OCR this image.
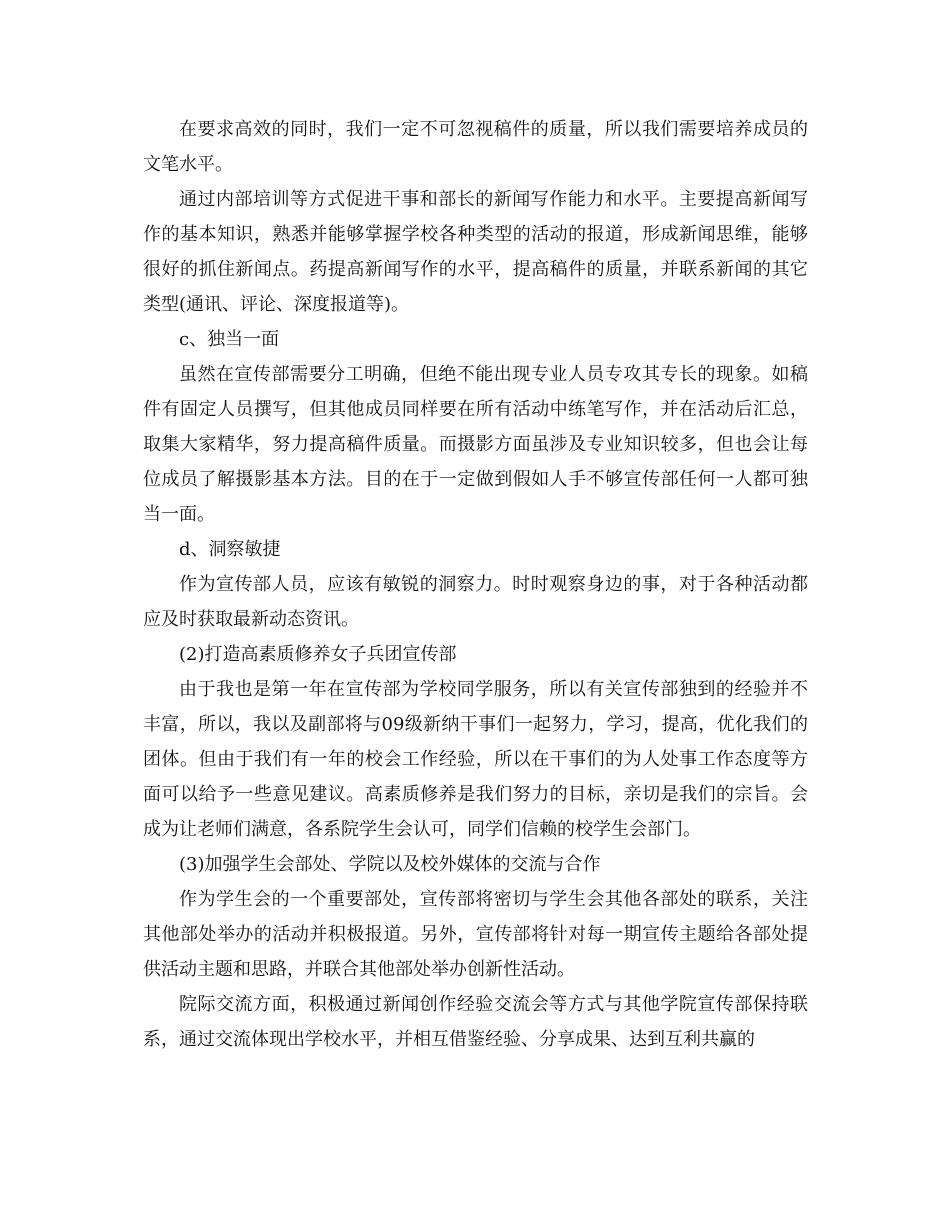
在要求高效的同时，我们一定不可忽视稿件的质量，所以我们需要培养成员的文笔水平。

通过内部培训等方式促进干事和部长的新闻写作能力和水平。主要提高新闻写作的基本知识，熟悉并能够掌握学校各种类型的活动的报道，形成新闻思维，能够很好的抓住新闻点。药提高新闻写作的水平，提高稿件的质量，并联系新闻的其它类型(通讯、评论、深度报道等)。

c、独当一面

虽然在宣传部需要分工明确，但绝不能出现专业人员专攻其专长的现象。如稿件有固定人员撰写，但其他成员同样要在所有活动中练笔写作，并在活动后汇总，取集大家精华，努力提高稿件质量。而摄影方面虽涉及专业知识较多，但也会让每位成员了解摄影基本方法。目的在于一定做到假如人手不够宣传部任何一人都可独当一面。

d、洞察敏捷

作为宣传部人员，应该有敏锐的洞察力。时时观察身边的事，对于各种活动都应及时获取最新动态资讯。

(2)打造高素质修养女子兵团宣传部

由于我也是第一年在宣传部为学校同学服务，所以有关宣传部独到的经验并不丰富，所以，我以及副部将与09级新纳干事们一起努力，学习，提高，优化我们的团体。但由于我们有一年的校会工作经验，所以在干事们的为人处事工作态度等方面可以给予一些意见建议。高素质修养是我们努力的目标，亲切是我们的宗旨。会成为让老师们满意，各系院学生会认可，同学们信赖的校学生会部门。

(3)加强学生会部处、学院以及校外媒体的交流与合作

作为学生会的一个重要部处，宣传部将密切与学生会其他各部处的联系，关注其他部处举办的活动并积极报道。另外，宣传部将针对每一期宣传主题给各部处提供活动主题和思路，并联合其他部处举办创新性活动。

院际交流方面，积极通过新闻创作经验交流会等方式与其他学院宣传部保持联系，通过交流体现出学校水平，并相互借鉴经验、分享成果、达到互利共赢的
